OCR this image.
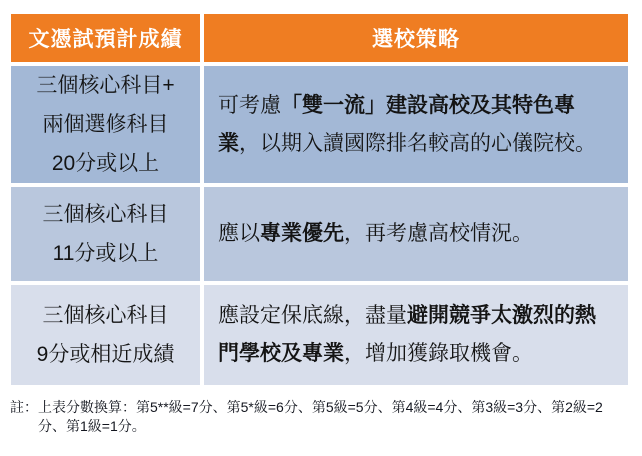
文憑試預計成績	選校策略
三個核心科目+
兩個選修科目
20分或以上

可考慮「雙一流」建設高校及其特色專業，以期入讀國際排名較高的心儀院校。

三個核心科目
11分或以上

應以專業優先，再考慮高校情況。

三個核心科目
9分或相近成績

應設定保底線，盡量避開競爭太激烈的熱門學校及專業，增加獲錄取機會。

註：上表分數換算：第5**級=7分、第5*級=6分、第5級=5分、第4級=4分、第3級=3分、第2級=2分、第1級=1分。
